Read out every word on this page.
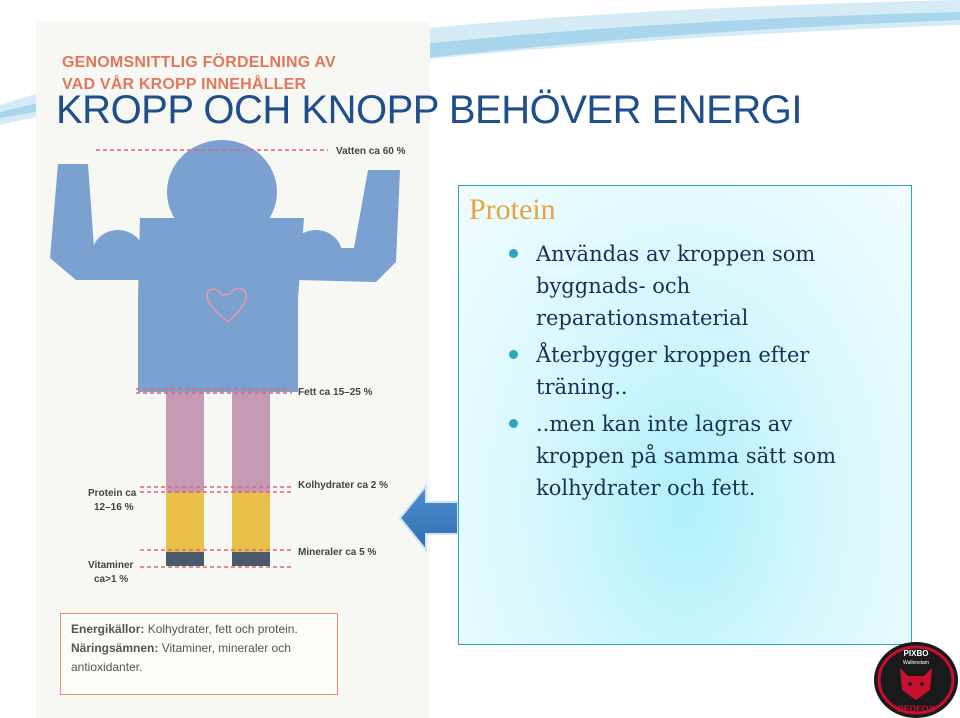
GENOMSNITTLIG FÖRDELNING AV
VAD VÅR KROPP INNEHÅLLER
Vatten ca 60 %
Fett ca 15–25 %
Kolhydrater ca 2 %
Protein ca
12–16 %
Mineraler ca 5 %
Vitaminer
ca>1 %
KROPP OCH KNOPP BEHÖVER ENERGI
Energikällor: Kolhydrater, fett och protein.
Näringsämnen: Vitaminer, mineraler och
antioxidanter.
Protein
Användas av kroppen som byggnads- och reparationsmaterial
Återbygger kroppen efter träning..
..men kan inte lagras av kroppen på samma sätt som kolhydrater och fett.
PIXBO
Wallenstam
REDFOX
